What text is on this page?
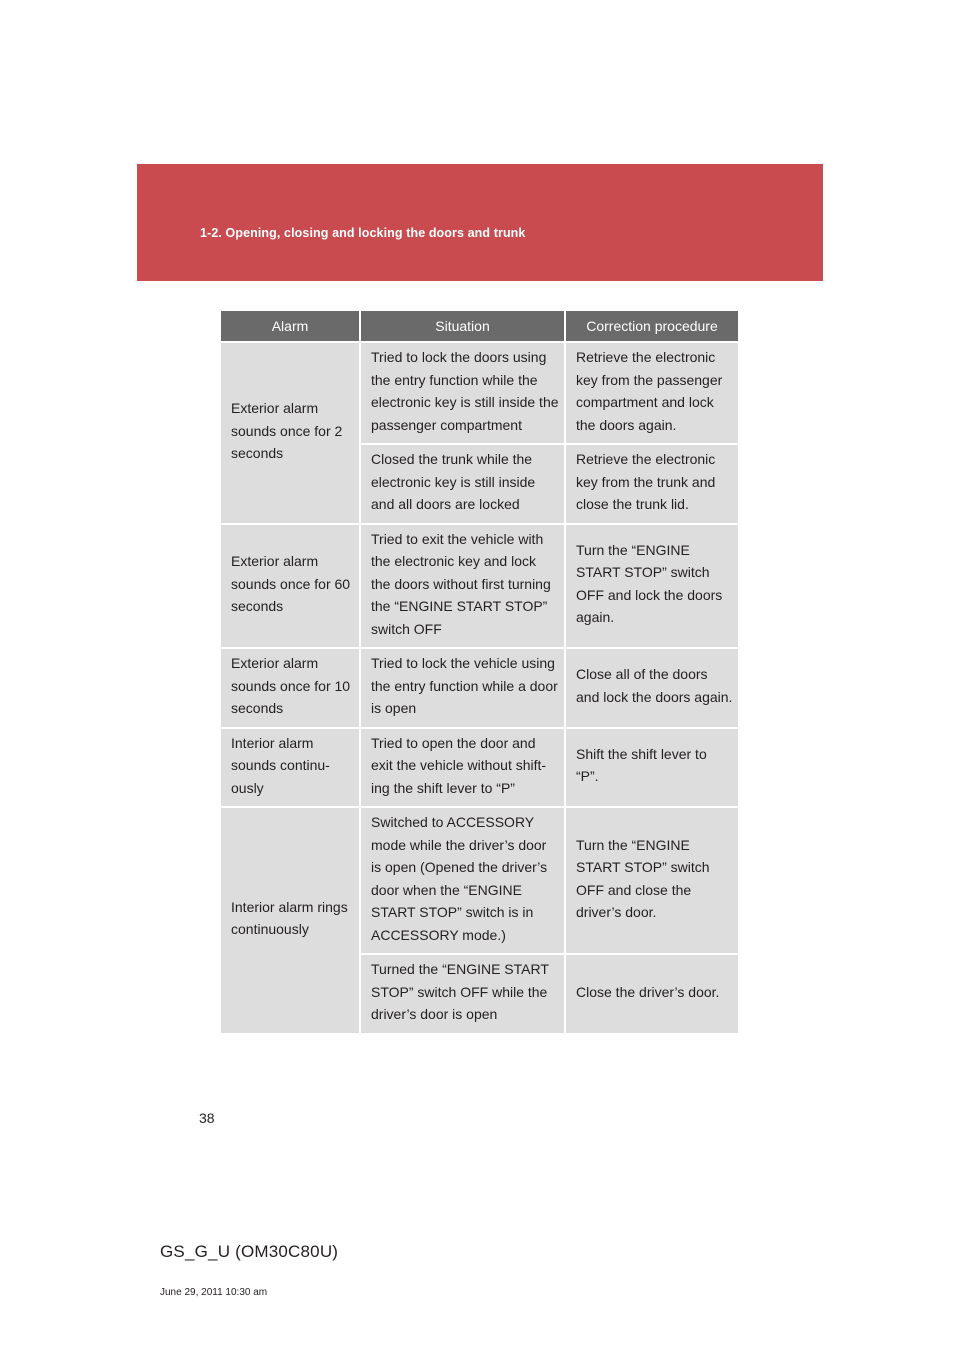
1-2. Opening, closing and locking the doors and trunk
Alarm	Situation	Correction procedure
Exterior alarm sounds once for 2 seconds	Tried to lock the doors using the entry function while the electronic key is still inside the passenger compartment	Retrieve the electronic key from the passenger compartment and lock the doors again.
	Closed the trunk while the electronic key is still inside and all doors are locked	Retrieve the electronic key from the trunk and close the trunk lid.
Exterior alarm sounds once for 60 seconds	Tried to exit the vehicle with the electronic key and lock the doors without first turning the “ENGINE START STOP” switch OFF	Turn the “ENGINE START STOP” switch OFF and lock the doors again.
Exterior alarm sounds once for 10 seconds	Tried to lock the vehicle using the entry function while a door is open	Close all of the doors and lock the doors again.
Interior alarm sounds continu-ously	Tried to open the door and exit the vehicle without shift-ing the shift lever to “P”	Shift the shift lever to “P”.
Interior alarm rings continuously	Switched to ACCESSORY mode while the driver’s door is open (Opened the driver’s door when the “ENGINE START STOP” switch is in ACCESSORY mode.)	Turn the “ENGINE START STOP” switch OFF and close the driver’s door.
	Turned the “ENGINE START STOP” switch OFF while the driver’s door is open	Close the driver’s door.
38
GS_G_U (OM30C80U)
June 29, 2011 10:30 am
